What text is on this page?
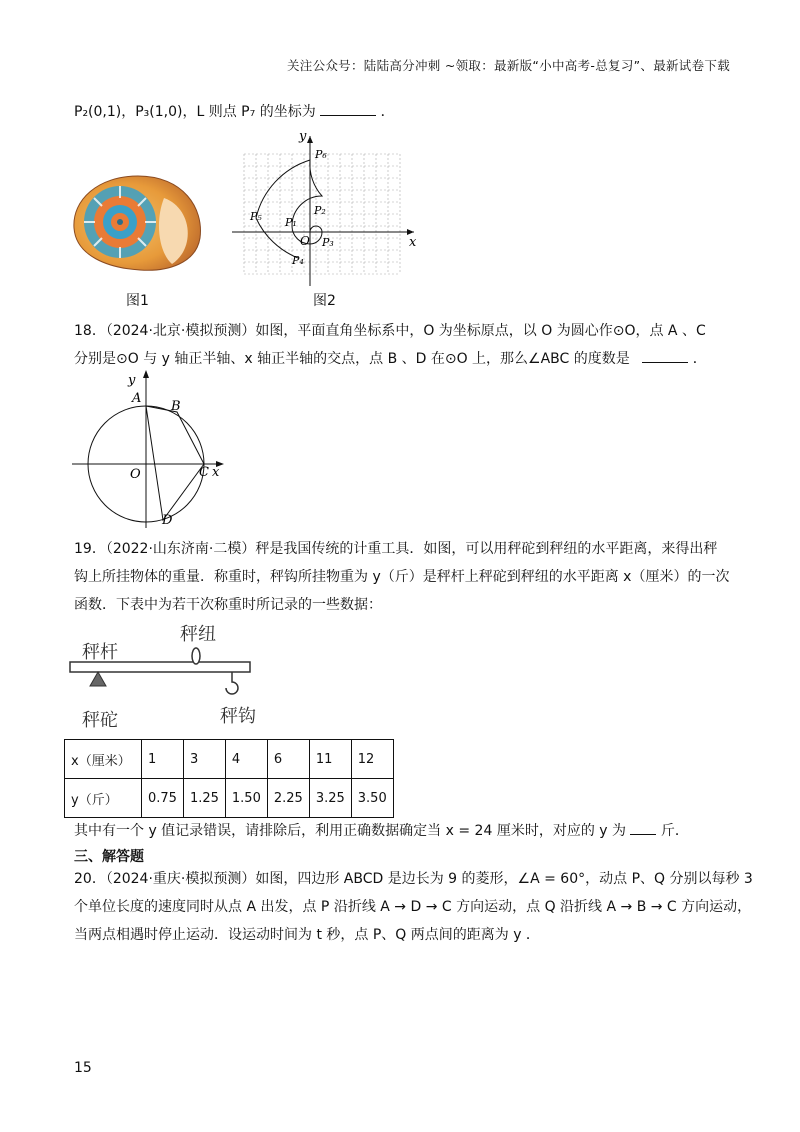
关注公众号：陆陆高分冲刺 ~领取：最新版“小中高考-总复习”、最新试卷下载
P₂(0,1)，P₃(1,0)，L 则点 P₇ 的坐标为	．
图1
x
y
O
P₆
P₂
P₁
P₅
P₃
P₄
图2
18．（2024·北京·模拟预测）如图，平面直角坐标系中，O 为坐标原点，以 O 为圆心作⊙O，点 A 、C
分别是⊙O 与 y 轴正半轴、x 轴正半轴的交点，点 B 、D 在⊙O 上，那么∠ABC 的度数是	．
A
B
C
D
O	x
y
19．（2022·山东济南·二模）秤是我国传统的计重工具．如图，可以用秤砣到秤纽的水平距离，来得出秤
钩上所挂物体的重量．称重时，秤钩所挂物重为 y（斤）是秤杆上秤砣到秤纽的水平距离 x（厘米）的一次
函数．下表中为若干次称重时所记录的一些数据：
秤杆
秤纽
秤砣	秤钩
x（厘米）	1	3	4	6	11	12
y（斤）	0.75	1.25	1.50	2.25	3.25	3.50
其中有一个 y 值记录错误，请排除后，利用正确数据确定当 x = 24 厘米时，对应的 y 为 斤．
三、解答题
20．（2024·重庆·模拟预测）如图，四边形 ABCD 是边长为 9 的菱形，∠A = 60°，动点 P、Q 分别以每秒 3
个单位长度的速度同时从点 A 出发，点 P 沿折线 A → D → C 方向运动，点 Q 沿折线 A → B → C 方向运动，
当两点相遇时停止运动．设运动时间为 t 秒，点 P、Q 两点间的距离为 y ．
15
